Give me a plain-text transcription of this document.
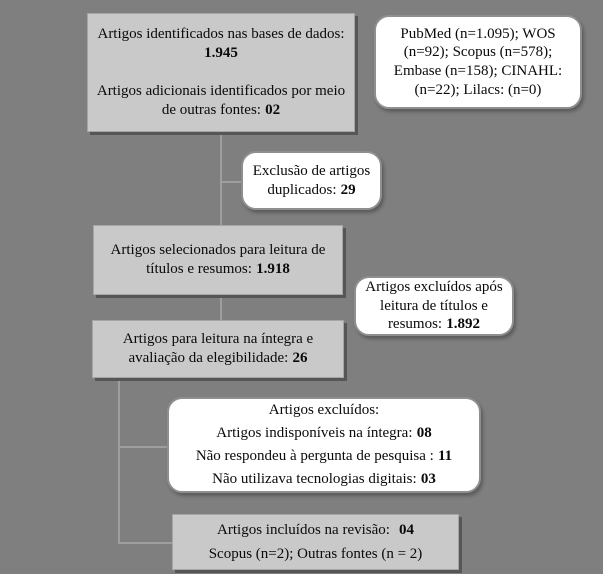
Artigos identificados nas bases de dados:
1.945
Artigos adicionais identificados por meio de outras fontes: 02
PubMed (n=1.095); WOS (n=92); Scopus (n=578); Embase (n=158); CINAHL: (n=22); Lilacs: (n=0)
Exclusão de artigos duplicados: 29
Artigos selecionados para leitura de títulos e resumos: 1.918
Artigos excluídos após leitura de títulos e resumos: 1.892
Artigos para leitura na íntegra e avaliação da elegibilidade: 26
Artigos excluídos:
Artigos indisponíveis na íntegra: 08
Não respondeu à pergunta de pesquisa : 11
Não utilizava tecnologias digitais: 03
Artigos incluídos na revisão: 04
Scopus (n=2); Outras fontes (n = 2)
